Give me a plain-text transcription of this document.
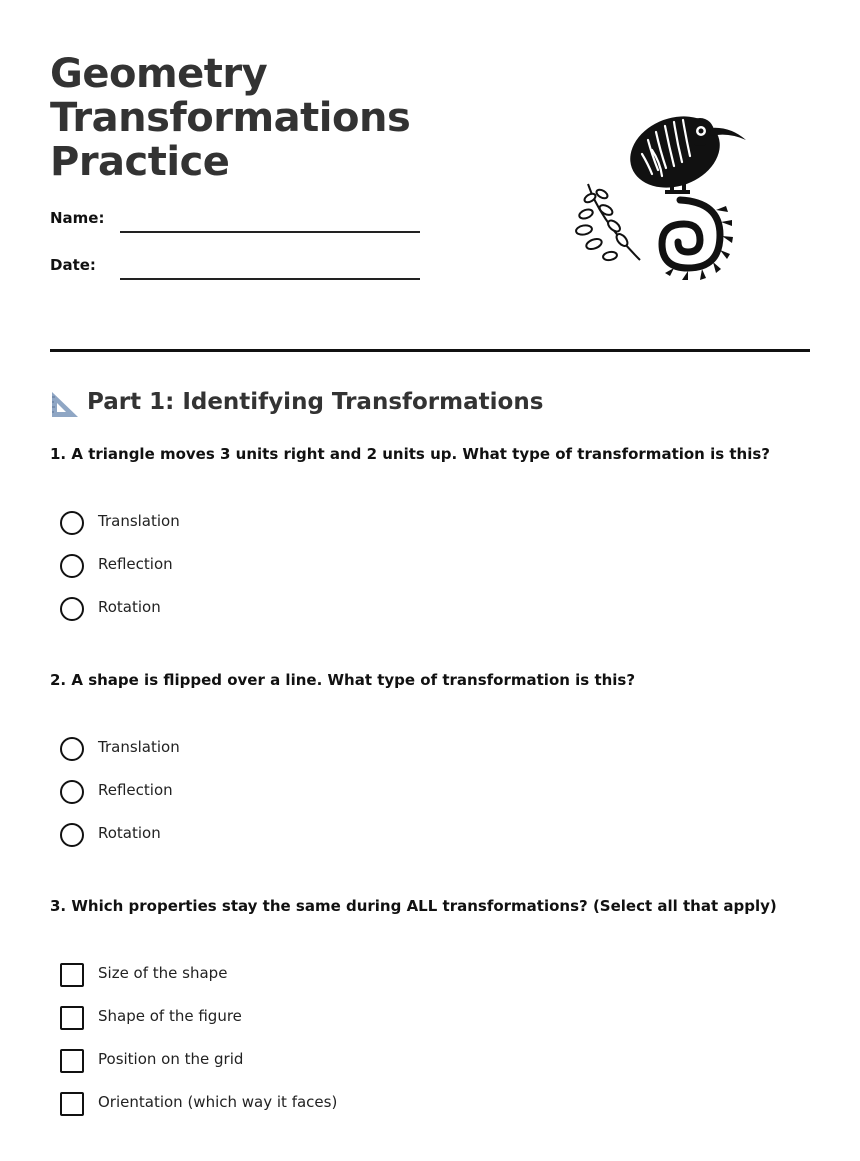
Geometry
Transformations
Practice
Name:
Date:
Part 1: Identifying Transformations
1. A triangle moves 3 units right and 2 units up. What type of transformation is this?
Translation
Reflection
Rotation
2. A shape is flipped over a line. What type of transformation is this?
Translation
Reflection
Rotation
3. Which properties stay the same during ALL transformations? (Select all that apply)
Size of the shape
Shape of the figure
Position on the grid
Orientation (which way it faces)
